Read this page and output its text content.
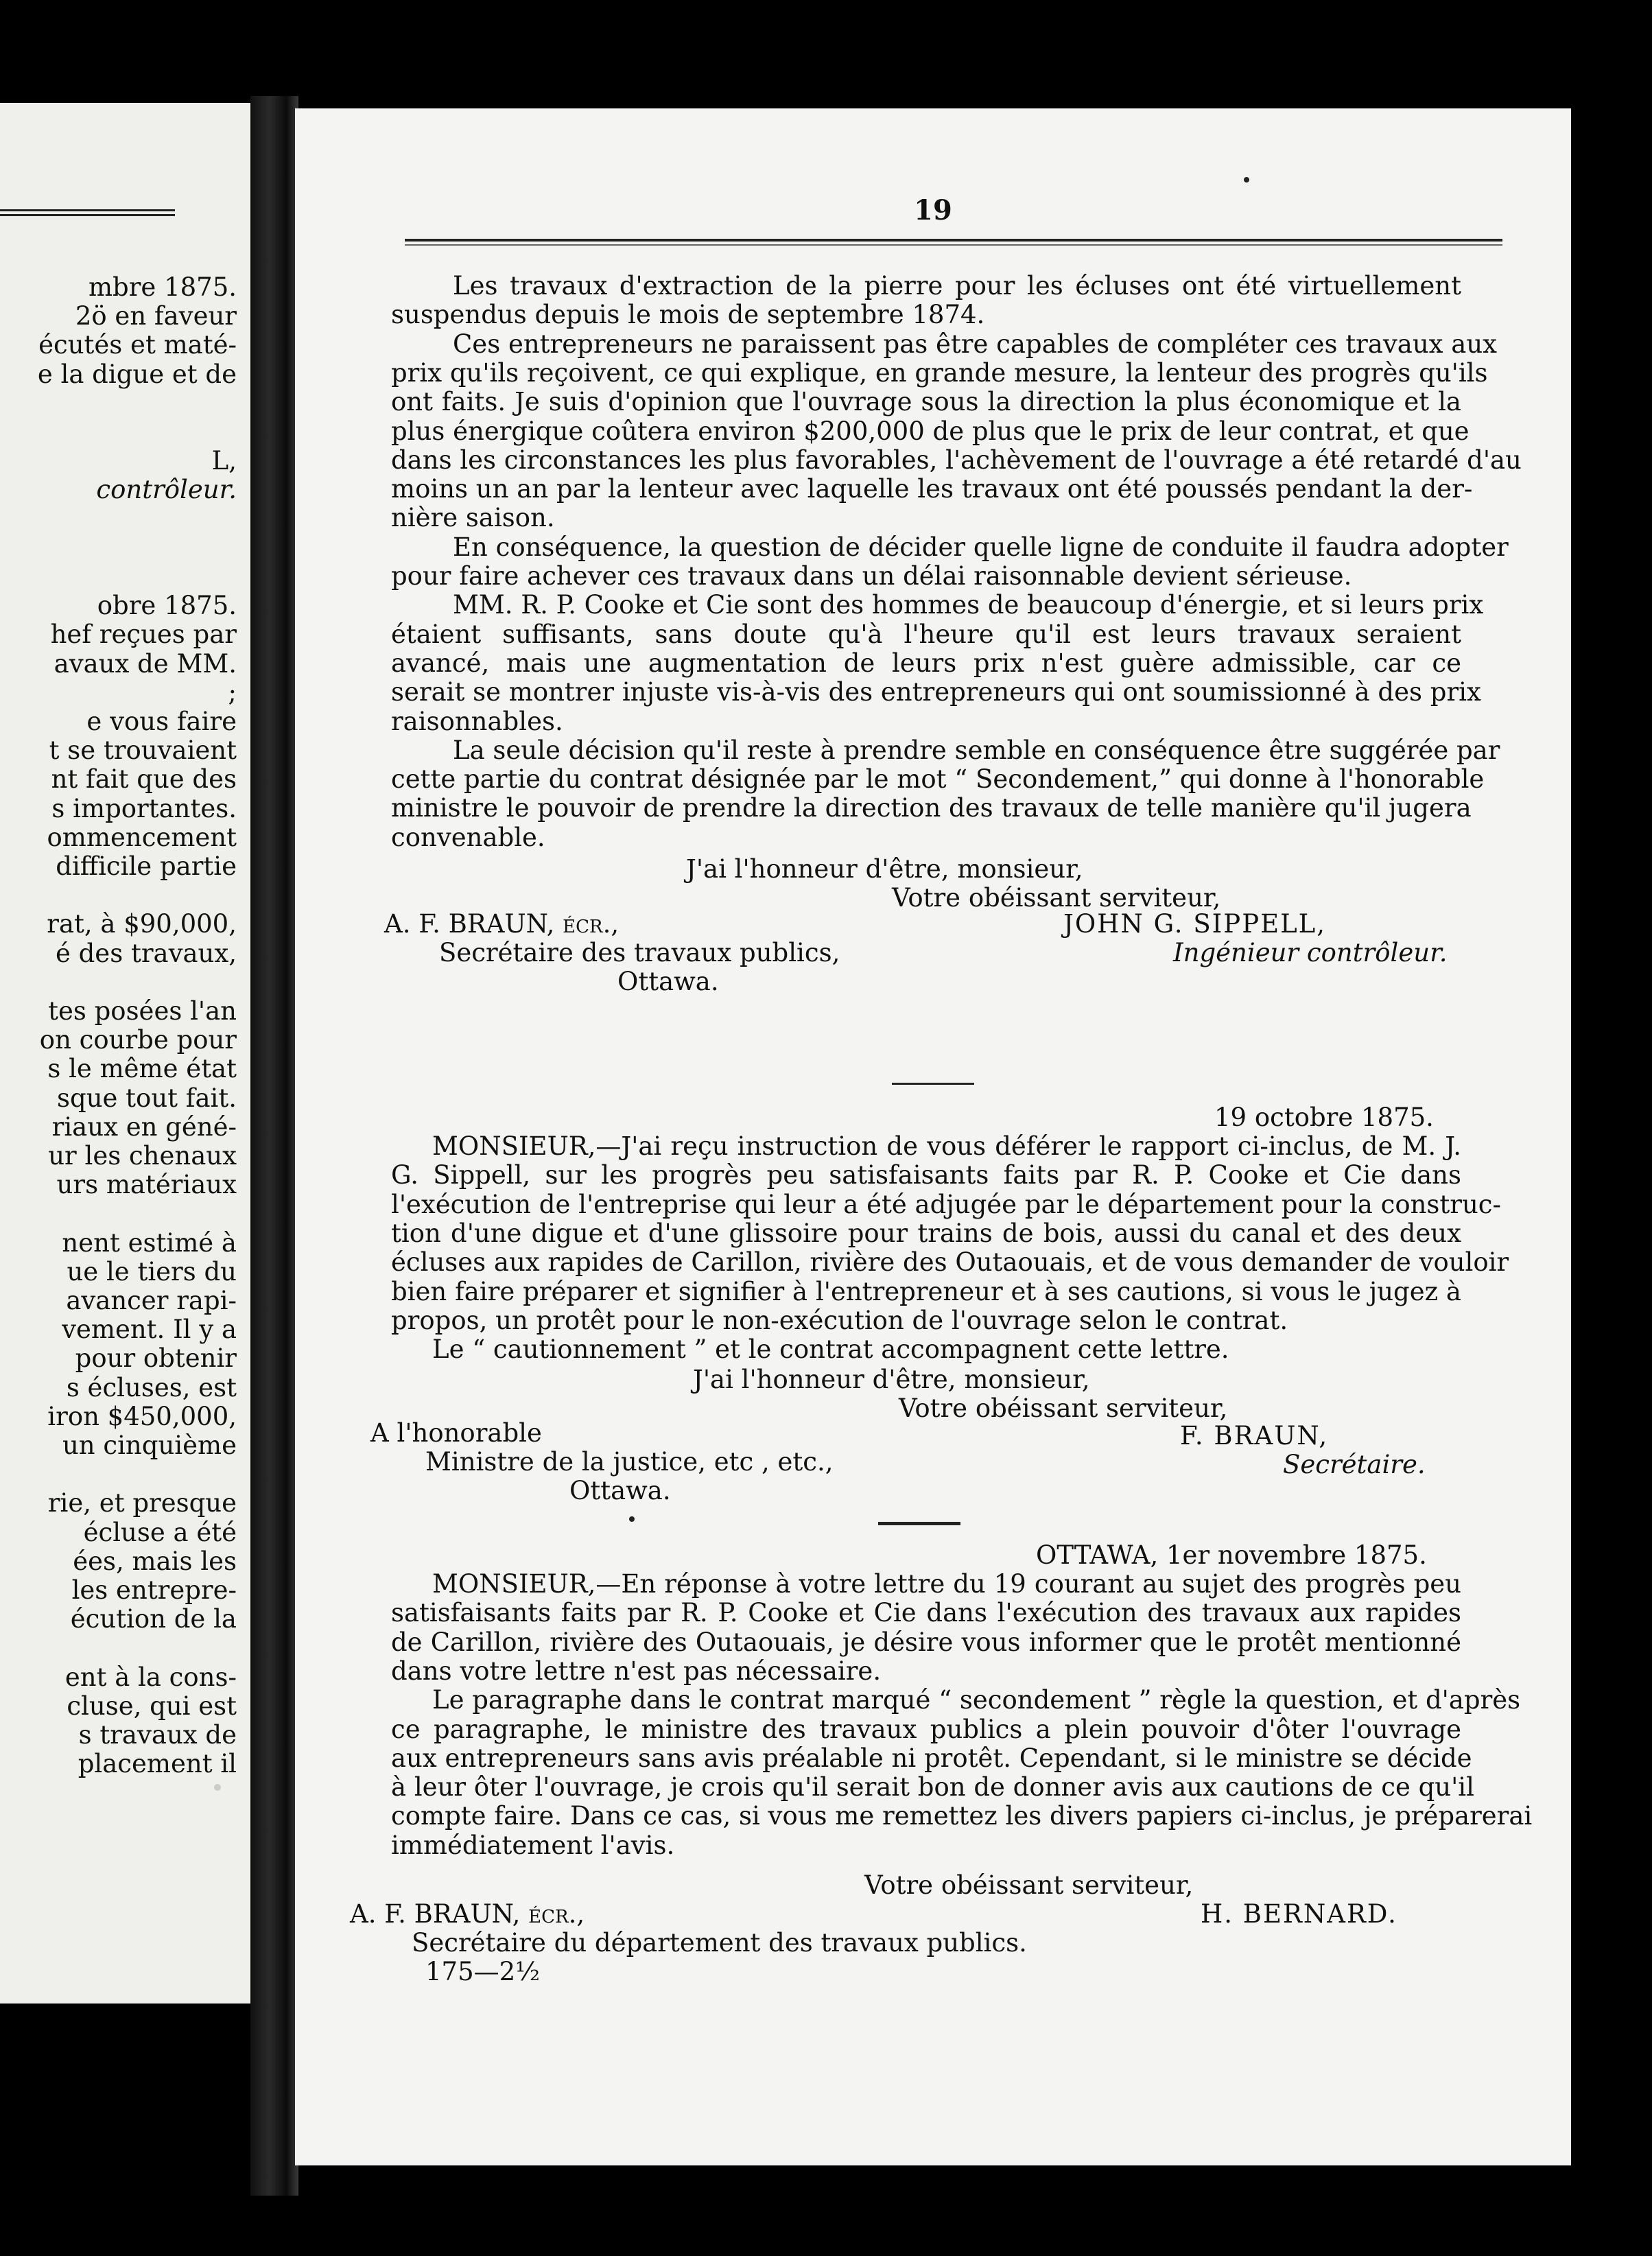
mbre 1875.
2ö en faveur
écutés et maté-
e la digue et de
L,
contrôleur.
obre 1875.
hef reçues par
avaux de MM.
;
e vous faire
t se trouvaient
nt fait que des
s importantes.
ommencement
difficile partie
rat, à $90,000,
é des travaux,
tes posées l'an
on courbe pour
s le même état
sque tout fait.
riaux en géné-
ur les chenaux
urs matériaux
nent estimé à
ue le tiers du
avancer rapi-
vement. Il y a
pour obtenir
s écluses, est
iron $450,000,
un cinquième
rie, et presque
écluse a été
ées, mais les
les entrepre-
écution de la
ent à la cons-
cluse, qui est
s travaux de
placement il
19
Les travaux d'extraction de la pierre pour les écluses ont été virtuellement
suspendus depuis le mois de septembre 1874.
Ces entrepreneurs ne paraissent pas être capables de compléter ces travaux aux
prix qu'ils reçoivent, ce qui explique, en grande mesure, la lenteur des progrès qu'ils
ont faits. Je suis d'opinion que l'ouvrage sous la direction la plus économique et la
plus énergique coûtera environ $200,000 de plus que le prix de leur contrat, et que
dans les circonstances les plus favorables, l'achèvement de l'ouvrage a été retardé d'au
moins un an par la lenteur avec laquelle les travaux ont été poussés pendant la der-
nière saison.
En conséquence, la question de décider quelle ligne de conduite il faudra adopter
pour faire achever ces travaux dans un délai raisonnable devient sérieuse.
MM. R. P. Cooke et Cie sont des hommes de beaucoup d'énergie, et si leurs prix
étaient suffisants, sans doute qu'à l'heure qu'il est leurs travaux seraient
avancé, mais une augmentation de leurs prix n'est guère admissible, car ce
serait se montrer injuste vis-à-vis des entrepreneurs qui ont soumissionné à des prix
raisonnables.
La seule décision qu'il reste à prendre semble en conséquence être suggérée par
cette partie du contrat désignée par le mot “ Secondement,” qui donne à l'honorable
ministre le pouvoir de prendre la direction des travaux de telle manière qu'il jugera
convenable.
J'ai l'honneur d'être, monsieur,
Votre obéissant serviteur,
JOHN G. SIPPELL,
Ingénieur contrôleur.
A. F. BRAUN, écr.,
Secrétaire des travaux publics,
Ottawa.
19 octobre 1875.
MONSIEUR,—J'ai reçu instruction de vous déférer le rapport ci-inclus, de M. J.
G. Sippell, sur les progrès peu satisfaisants faits par R. P. Cooke et Cie dans
l'exécution de l'entreprise qui leur a été adjugée par le département pour la construc-
tion d'une digue et d'une glissoire pour trains de bois, aussi du canal et des deux
écluses aux rapides de Carillon, rivière des Outaouais, et de vous demander de vouloir
bien faire préparer et signifier à l'entrepreneur et à ses cautions, si vous le jugez à
propos, un protêt pour le non-exécution de l'ouvrage selon le contrat.
Le “ cautionnement ” et le contrat accompagnent cette lettre.
J'ai l'honneur d'être, monsieur,
Votre obéissant serviteur,
A l'honorable	F. BRAUN,
Ministre de la justice, etc , etc.,	Secrétaire.
Ottawa.
OTTAWA, 1er novembre 1875.
MONSIEUR,—En réponse à votre lettre du 19 courant au sujet des progrès peu
satisfaisants faits par R. P. Cooke et Cie dans l'exécution des travaux aux rapides
de Carillon, rivière des Outaouais, je désire vous informer que le protêt mentionné
dans votre lettre n'est pas nécessaire.
Le paragraphe dans le contrat marqué “ secondement ” règle la question, et d'après
ce paragraphe, le ministre des travaux publics a plein pouvoir d'ôter l'ouvrage
aux entrepreneurs sans avis préalable ni protêt. Cependant, si le ministre se décide
à leur ôter l'ouvrage, je crois qu'il serait bon de donner avis aux cautions de ce qu'il
compte faire. Dans ce cas, si vous me remettez les divers papiers ci-inclus, je préparerai
immédiatement l'avis.
Votre obéissant serviteur,
A. F. BRAUN, écr.,	H. BERNARD.
Secrétaire du département des travaux publics.
175—2½
